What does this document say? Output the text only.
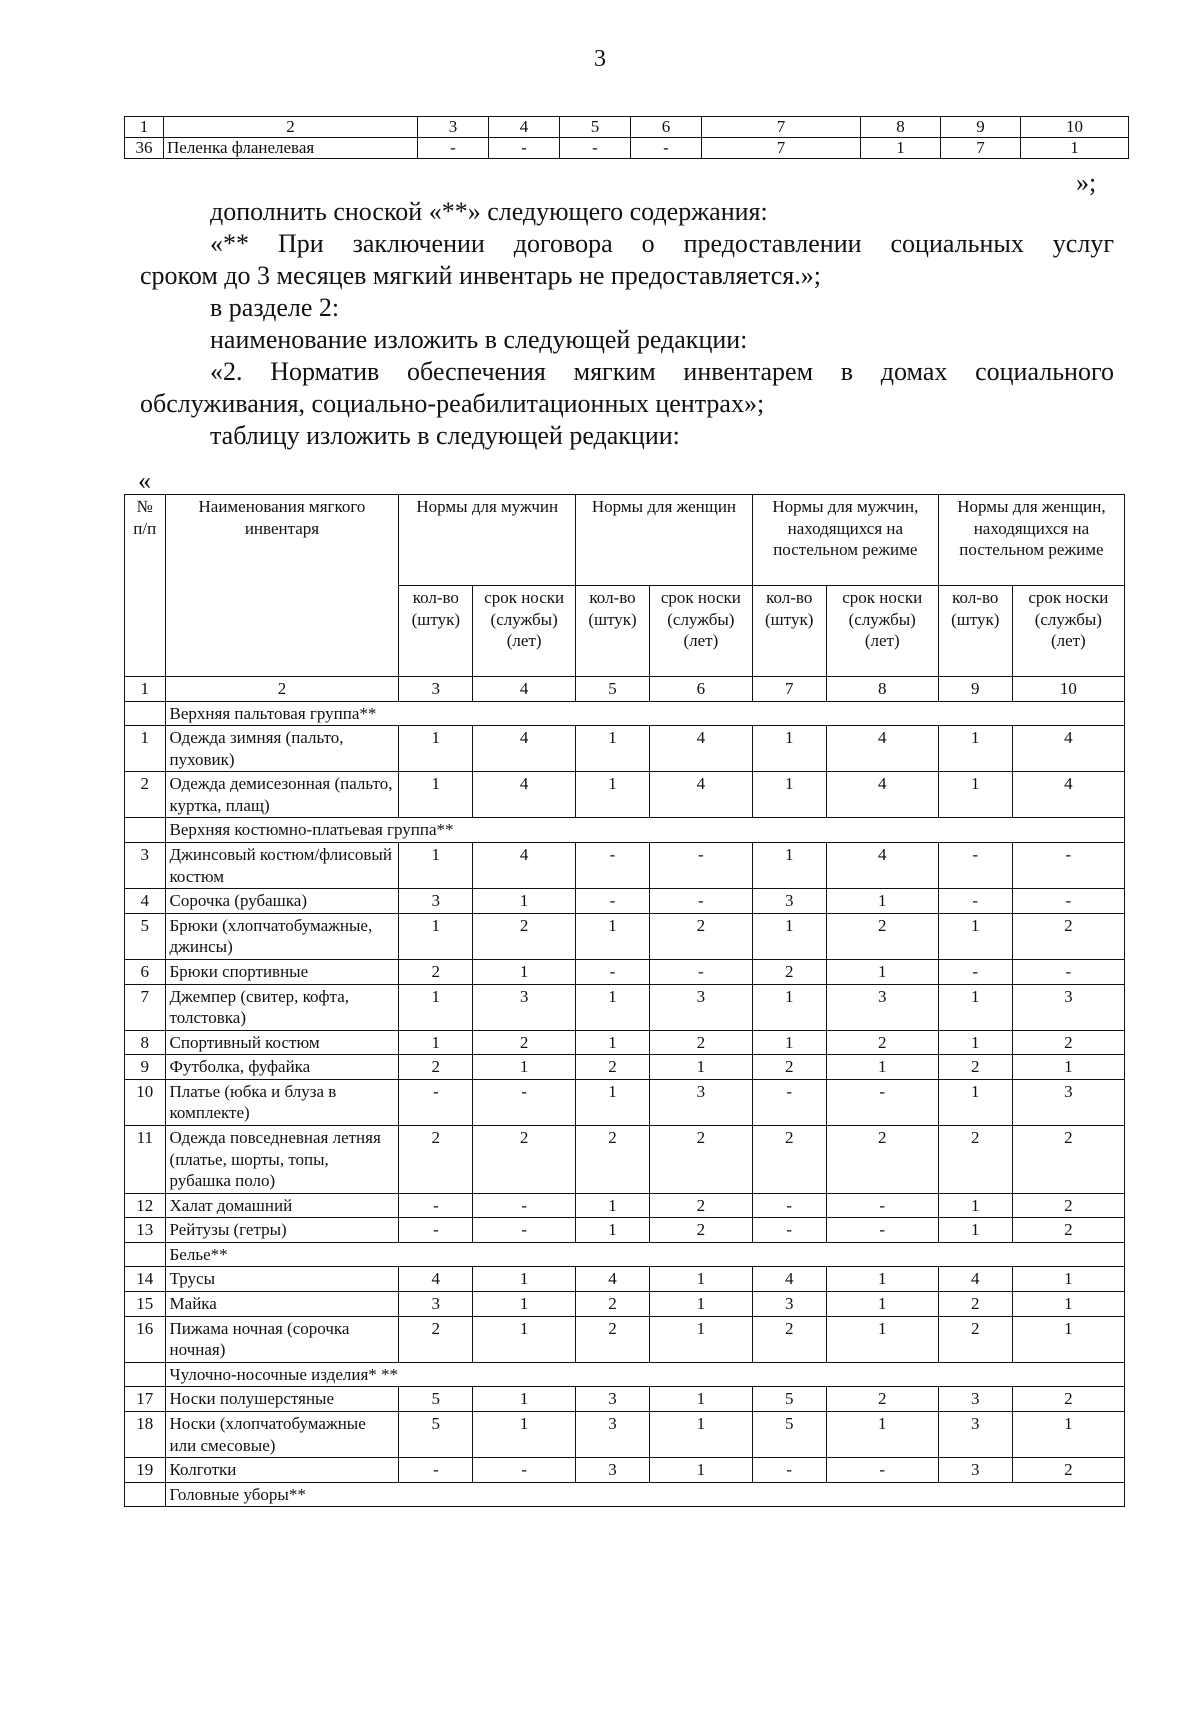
3
1	2	3	4	5	6	7	8	9	10
36	Пеленка фланелевая	-	-	-	-	7	1	7	1
»;

дополнить сноской «**» следующего содержания:

«** При заключении договора о предоставлении социальных услуг

сроком до 3 месяцев мягкий инвентарь не предоставляется.»;

в разделе 2:

наименование изложить в следующей редакции:

«2. Норматив обеспечения мягким инвентарем в домах социального

обслуживания, социально-реабилитационных центрах»;

таблицу изложить в следующей редакции:

«
№ п/п	Наименования мягкого инвентаря	Нормы для мужчин		Нормы для женщин		Нормы для мужчин, находящихся на постельном режиме		Нормы для женщин, находящихся на постельном режиме	
		кол-во (штук)	срок носки (службы) (лет)	кол-во (штук)	срок носки (службы) (лет)	кол-во (штук)	срок носки (службы) (лет)	кол-во (штук)	срок носки (службы) (лет)
1	2	3	4	5	6	7	8	9	10
	Верхняя пальтовая группа**								
1	Одежда зимняя (пальто, пуховик)	1	4	1	4	1	4	1	4
2	Одежда демисезонная (пальто, куртка, плащ)	1	4	1	4	1	4	1	4
	Верхняя костюмно-платьевая группа**								
3	Джинсовый костюм/флисовый костюм	1	4	-	-	1	4	-	-
4	Сорочка (рубашка)	3	1	-	-	3	1	-	-
5	Брюки (хлопчатобумажные, джинсы)	1	2	1	2	1	2	1	2
6	Брюки спортивные	2	1	-	-	2	1	-	-
7	Джемпер (свитер, кофта, толстовка)	1	3	1	3	1	3	1	3
8	Спортивный костюм	1	2	1	2	1	2	1	2
9	Футболка, фуфайка	2	1	2	1	2	1	2	1
10	Платье (юбка и блуза в комплекте)	-	-	1	3	-	-	1	3
11	Одежда повседневная летняя (платье, шорты, топы, рубашка поло)	2	2	2	2	2	2	2	2
12	Халат домашний	-	-	1	2	-	-	1	2
13	Рейтузы (гетры)	-	-	1	2	-	-	1	2
	Белье**								
14	Трусы	4	1	4	1	4	1	4	1
15	Майка	3	1	2	1	3	1	2	1
16	Пижама ночная (сорочка ночная)	2	1	2	1	2	1	2	1
	Чулочно-носочные изделия* **								
17	Носки полушерстяные	5	1	3	1	5	2	3	2
18	Носки (хлопчатобумажные или смесовые)	5	1	3	1	5	1	3	1
19	Колготки	-	-	3	1	-	-	3	2
	Головные уборы**								
